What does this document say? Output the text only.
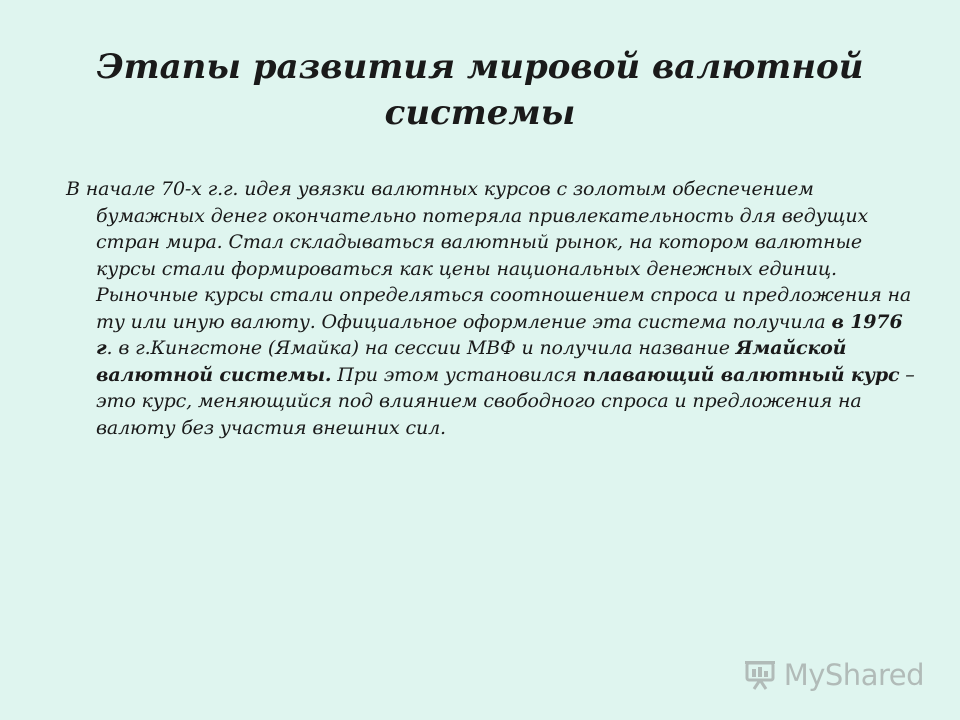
Этапы развития мировой валютной
системы

В начале 70-х г.г. идея увязки валютных курсов с золотым обеспечением бумажных денег окончательно потеряла привлекательность для ведущих стран мира. Стал складываться валютный рынок, на котором валютные курсы стали формироваться как цены национальных денежных единиц. Рыночные курсы стали определяться соотношением спроса и предложения на ту или иную валюту. Официальное оформление эта система получила в 1976 г. в г.Кингстоне (Ямайка) на сессии МВФ и получила название Ямайской валютной системы. При этом установился плавающий валютный курс – это курс, меняющийся под влиянием свободного спроса и предложения на валюту без участия внешних сил.

MyShared
